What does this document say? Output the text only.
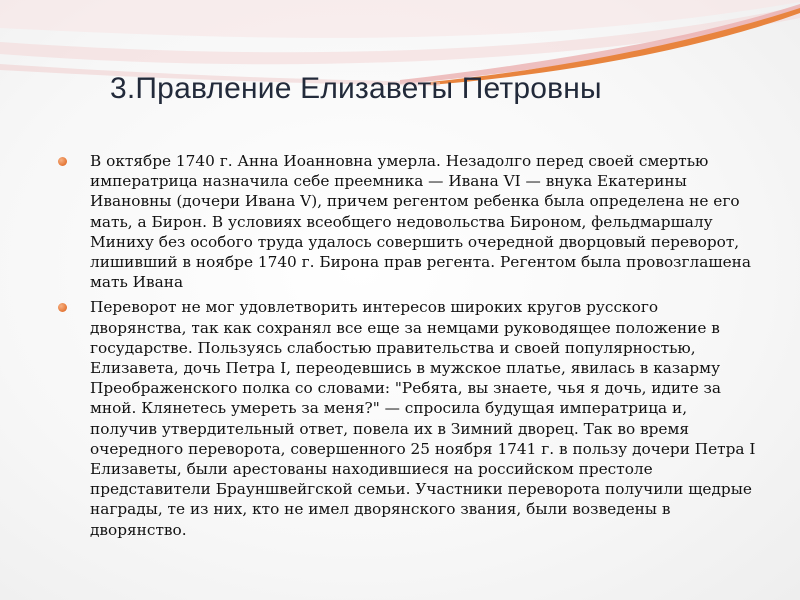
3.Правление Елизаветы Петровны

В октябре 1740 г. Анна Иоанновна умерла. Незадолго перед своей смертью императрица назначила себе преемника — Ивана VI — внука Екатерины Ивановны (дочери Ивана V), причем регентом ребенка была определена не его мать, а Бирон. В условиях всеобщего недовольства Бироном, фельдмаршалу Миниху без особого труда удалось совершить очередной дворцовый переворот, лишивший в ноябре 1740 г. Бирона прав регента. Регентом была провозглашена мать Ивана

Переворот не мог удовлетворить интересов широких кругов русского дворянства, так как сохранял все еще за немцами руководящее положение в государстве. Пользуясь слабостью правительства и своей популярностью, Елизавета, дочь Петра I, переодевшись в мужское платье, явилась в казарму Преображенского полка со словами: "Ребята, вы знаете, чья я дочь, идите за мной. Клянетесь умереть за меня?" — спросила будущая императрица и, получив утвердительный ответ, повела их в Зимний дворец. Так во время очередного переворота, совершенного 25 ноября 1741 г. в пользу дочери Петра I Елизаветы, были арестованы находившиеся на российском престоле представители Брауншвейгской семьи. Участники переворота получили щедрые награды, те из них, кто не имел дворянского звания, были возведены в дворянство.
